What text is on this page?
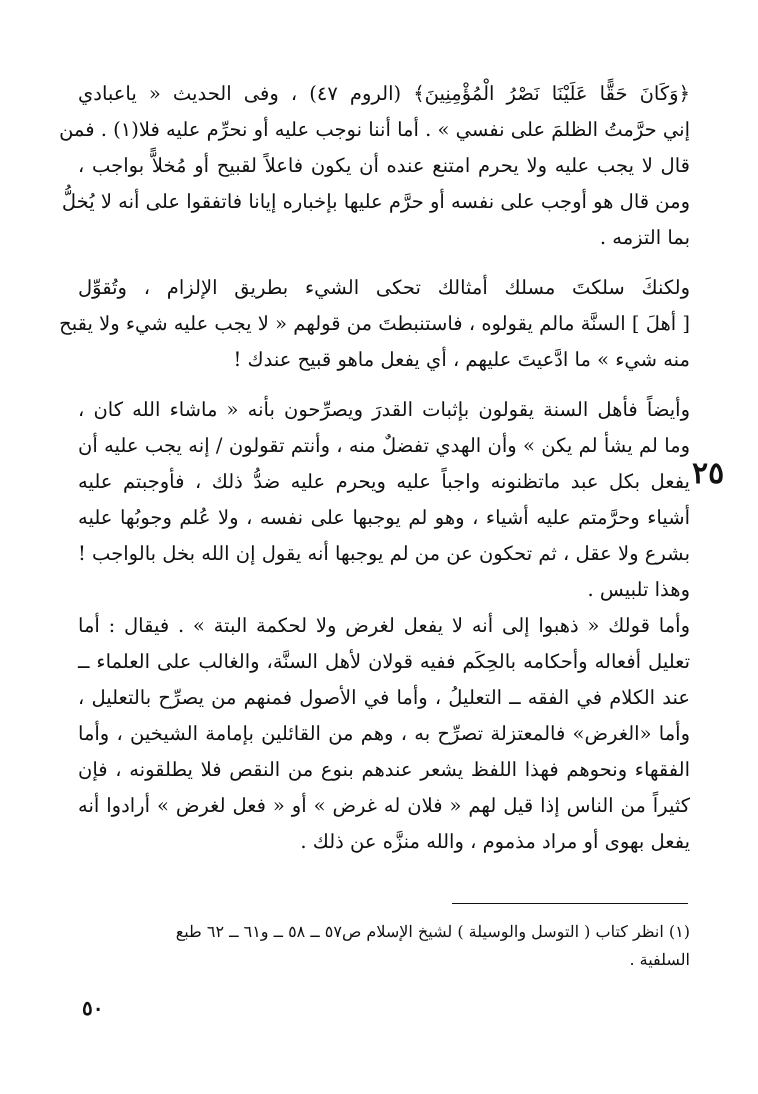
﴿وَكَانَ حَقًّا عَلَيْنَا نَصْرُ الْمُؤْمِنِينَ﴾ (الروم ٤٧) ، وفى الحديث « ياعبادي
إني حرَّمتُ الظلمَ على نفسي » . أما أننا نوجب عليه أو نحرِّم عليه فلا(١) . فمن
قال لا يجب عليه ولا يحرم امتنع عنده أن يكون فاعلاً لقبيح أو مُخلاًّ بواجب ،
ومن قال هو أوجب على نفسه أو حرَّم عليها بإخباره إيانا فاتفقوا على أنه لا يُخلُّ
بما التزمه .
ولكنكَ سلكتَ مسلك أمثالك تحكى الشيء بطريق الإلزام ، وتُقوِّل
[ أهلَ ] السنَّة مالم يقولوه ، فاستنبطتَ من قولهم « لا يجب عليه شيء ولا يقبح
منه شيء » ما ادَّعيتَ عليهم ، أي يفعل ماهو قبيح عندك !
وأيضاً فأهل السنة يقولون بإثبات القدرَ ويصرِّحون بأنه « ماشاء الله كان ،
وما لم يشأ لم يكن » وأن الهدي تفضلٌ منه ، وأنتم تقولون / إنه يجب عليه أن
يفعل بكل عبد ماتظنونه واجباً عليه ويحرم عليه ضدُّ ذلك ، فأوجبتم عليه
أشياء وحرَّمتم عليه أشياء ، وهو لم يوجبها على نفسه ، ولا عُلم وجوبُها عليه
بشرع ولا عقل ، ثم تحكون عن من لم يوجبها أنه يقول إن الله بخل بالواجب !
وهذا تلبيس .
وأما قولك « ذهبوا إلى أنه لا يفعل لغرض ولا لحكمة البتة » . فيقال : أما
تعليل أفعاله وأحكامه بالحِكَم ففيه قولان لأهل السنَّة، والغالب على العلماء ــ
عند الكلام في الفقه ــ التعليلُ ، وأما في الأصول فمنهم من يصرِّح بالتعليل ،
وأما «الغرض» فالمعتزلة تصرِّح به ، وهم من القائلين بإمامة الشيخين ، وأما
الفقهاء ونحوهم فهذا اللفظ يشعر عندهم بنوع من النقص فلا يطلقونه ، فإن
كثيراً من الناس إذا قيل لهم « فلان له غرض » أو « فعل لغرض » أرادوا أنه
يفعل بهوى أو مراد مذموم ، والله منزَّه عن ذلك .
٢٥
(١) انظر كتاب ( التوسل والوسيلة ) لشيخ الإسلام ص٥٧ ــ ٥٨ ــ و٦١ ــ ٦٢ طبع
السلفية .
٥٠
